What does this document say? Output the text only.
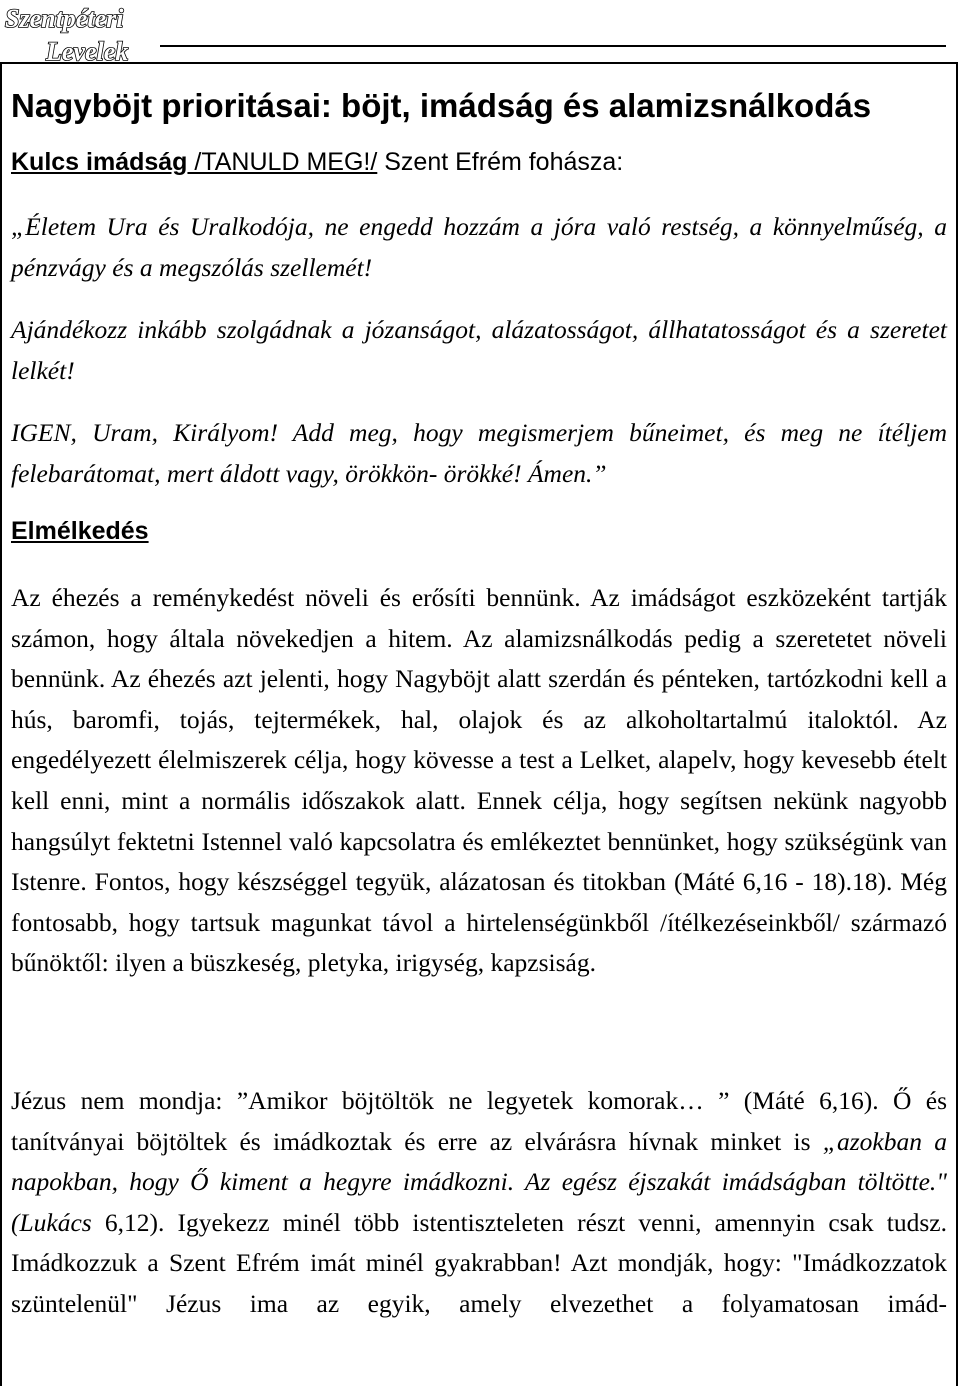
Szentpéteri
Levelek
Nagyböjt prioritásai: böjt, imádság és alamizsnálkodás
Kulcs imádság /TANULD MEG!/ Szent Efrém fohásza:
„Életem Ura és Uralkodója, ne engedd hozzám a jóra való restség, a könnyelműség, a pénzvágy és a megszólás szellemét!
Ajándékozz inkább szolgádnak a józanságot, alázatosságot, állhatatosságot és a szeretet lelkét!
IGEN, Uram, Királyom! Add meg, hogy megismerjem bűneimet, és meg ne ítéljem felebarátomat, mert áldott vagy, örökkön- örökké! Ámen.”
Elmélkedés
Az éhezés a reménykedést növeli és erősíti bennünk. Az imádságot eszközeként tartják számon, hogy általa növekedjen a hitem. Az alamizsnálkodás pedig a szeretetet növeli bennünk. Az éhezés azt jelenti, hogy Nagyböjt alatt szerdán és pénteken, tartózkodni kell a hús, baromfi, tojás, tejtermékek, hal, olajok és az alkoholtartalmú italoktól. Az engedélyezett élelmiszerek célja, hogy kövesse a test a Lelket, alapelv, hogy kevesebb ételt kell enni, mint a normális időszakok alatt. Ennek célja, hogy segítsen nekünk nagyobb hangsúlyt fektetni Istennel való kapcsolatra és emlékeztet bennünket, hogy szükségünk van Istenre. Fontos, hogy készséggel tegyük, alázatosan és titokban (Máté 6,16 - 18).18). Még fontosabb, hogy tartsuk magunkat távol a hirtelenségünkből /ítélkezéseinkből/ származó bűnöktől: ilyen a büszkeség, pletyka, irigység, kapzsiság.
Jézus nem mondja: ”Amikor böjtöltök ne legyetek komorak… ” (Máté 6,16). Ő és tanítványai böjtöltek és imádkoztak és erre az elvárásra hívnak minket is „azokban a napokban, hogy Ő kiment a hegyre imádkozni. Az egész éjszakát imádságban töltötte."(Lukács 6,12). Igyekezz minél több istentiszteleten részt venni, amennyin csak tudsz. Imádkozzuk a Szent Efrém imát minél gyakrabban! Azt mondják, hogy: "Imádkozzatok szüntelenül" Jézus ima az egyik, amely elvezethet a folyamatosan imád-
